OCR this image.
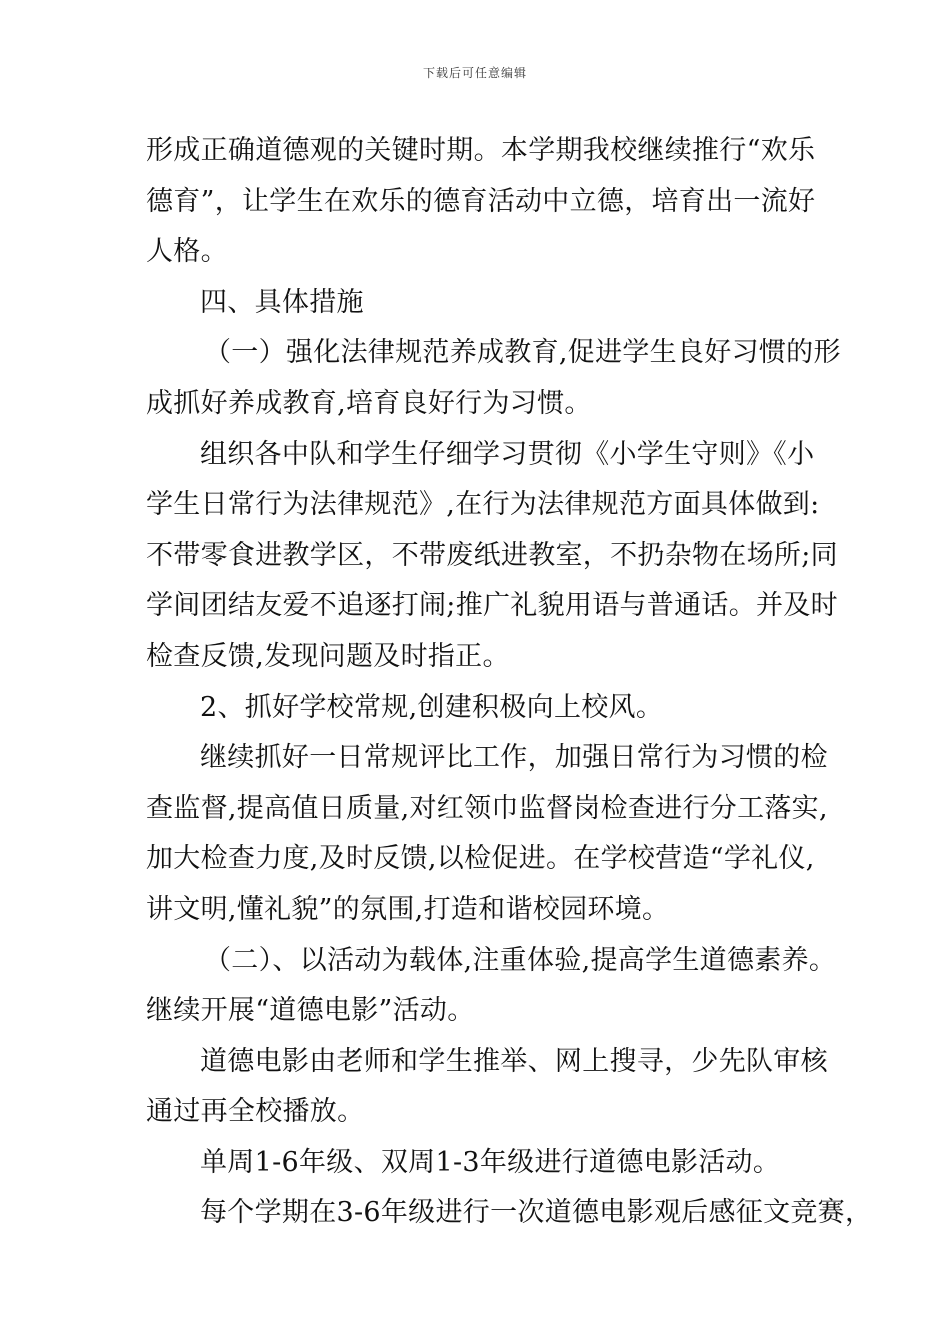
下载后可任意编辑
形成正确道德观的关键时期。本学期我校继续推行“欢乐
德育”，让学生在欢乐的德育活动中立德，培育出一流好
人格。
四、具体措施
（一）强化法律规范养成教育,促进学生良好习惯的形
成抓好养成教育,培育良好行为习惯。
组织各中队和学生仔细学习贯彻《小学生守则》《小
学生日常行为法律规范》,在行为法律规范方面具体做到:
不带零食进教学区，不带废纸进教室，不扔杂物在场所;同
学间团结友爱不追逐打闹;推广礼貌用语与普通话。并及时
检查反馈,发现问题及时指正。
2、抓好学校常规,创建积极向上校风。
继续抓好一日常规评比工作，加强日常行为习惯的检
查监督,提高值日质量,对红领巾监督岗检查进行分工落实,
加大检查力度,及时反馈,以检促进。在学校营造“学礼仪,
讲文明,懂礼貌”的氛围,打造和谐校园环境。
（二）、以活动为载体,注重体验,提高学生道德素养。
继续开展“道德电影”活动。
道德电影由老师和学生推举、网上搜寻，少先队审核
通过再全校播放。
单周1-6年级、双周1-3年级进行道德电影活动。
每个学期在3-6年级进行一次道德电影观后感征文竞赛，
